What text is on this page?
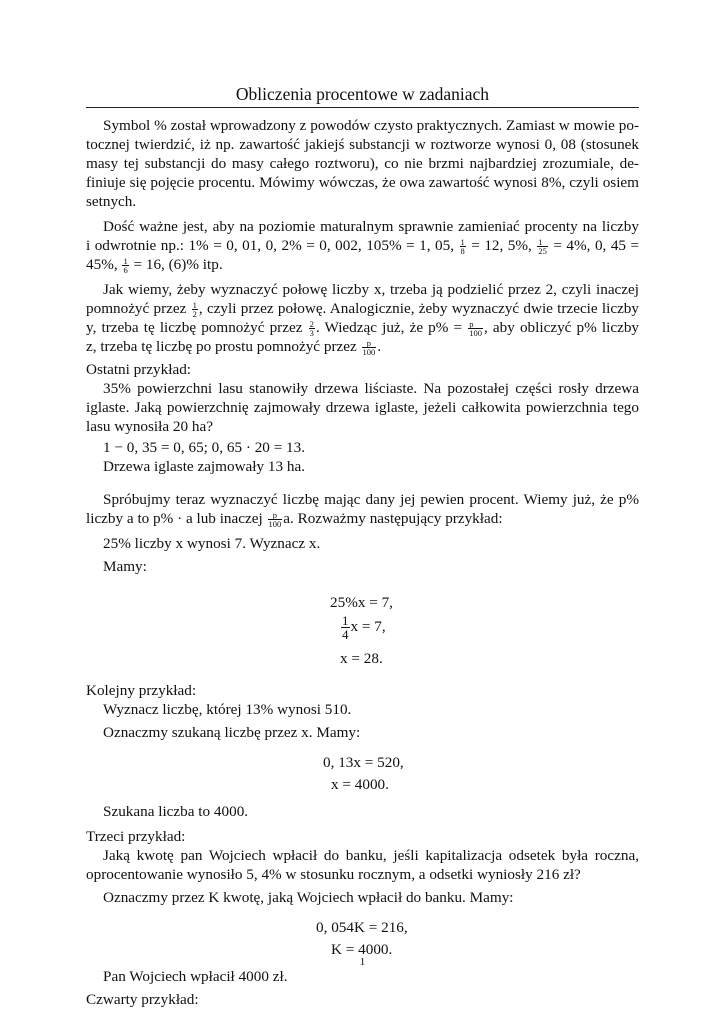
Obliczenia procentowe w zadaniach

Symbol % został wprowadzony z powodów czysto praktycznych. Zamiast w mowie po-

tocznej twierdzić, iż np. zawartość jakiejś substancji w roztworze wynosi 0, 08 (stosunek

masy tej substancji do masy całego roztworu), co nie brzmi najbardziej zrozumiale, de-

finiuje się pojęcie procentu. Mówimy wówczas, że owa zawartość wynosi 8%, czyli osiem

setnych.

Dość ważne jest, aby na poziomie maturalnym sprawnie zamieniać procenty na liczby

i odwrotnie np.: 1% = 0, 01, 0, 2% = 0, 002, 105% = 1, 05, $\frac{1}{8} = 12$, 5%, $\frac{1}{25} = 4\%$, 0, 45 =

45%, $\frac{1}{6} = 16$, (6)% itp.

Jak wiemy, żeby wyznaczyć połowę liczby x, trzeba ją podzielić przez 2, czyli inaczej

pomnożyć przez $\frac{1}{2}$ , czyli przez połowę. Analogicznie, żeby wyznaczyć dwie trzecie liczby

y, trzeba tę liczbę pomnożyć przez $\frac{2}{3}$ . Wiedząc już, że $p\% = \frac{p}{100}$ , aby obliczyć p% liczby

z, trzeba tę liczbę po prostu pomnożyć przez $\frac{p}{100}$ .

Ostatni przykład:

35% powierzchni lasu stanowiły drzewa liściaste. Na pozostałej części rosły drzewa

iglaste. Jaką powierzchnię zajmowały drzewa iglaste, jeżeli całkowita powierzchnia tego

lasu wynosiła 20 ha?

1 − 0, 35 = 0, 65; 0, 65 · 20 = 13.

Drzewa iglaste zajmowały 13 ha.

Spróbujmy teraz wyznaczyć liczbę mając dany jej pewien procent. Wiemy już, że p%

liczby a to p% · a lub inaczej $\frac{p}{100} a$. Rozważmy następujący przykład:

25% liczby x wynosi 7. Wyznacz x.

Mamy:

25%x = 7,
$\frac{1}{4}$ x = 7,
x = 28.

Kolejny przykład:

Wyznacz liczbę, której 13% wynosi 510.

Oznaczmy szukaną liczbę przez x. Mamy:

0, 13x = 520,
x = 4000.

Szukana liczba to 4000.

Trzeci przykład:

Jaką kwotę pan Wojciech wpłacił do banku, jeśli kapitalizacja odsetek była roczna,

oprocentowanie wynosiło 5, 4% w stosunku rocznym, a odsetki wyniosły 216 zł?

Oznaczmy przez K kwotę, jaką Wojciech wpłacił do banku. Mamy:

0, 054K = 216,
K = 4000.

Pan Wojciech wpłacił 4000 zł.

Czwarty przykład:

1
